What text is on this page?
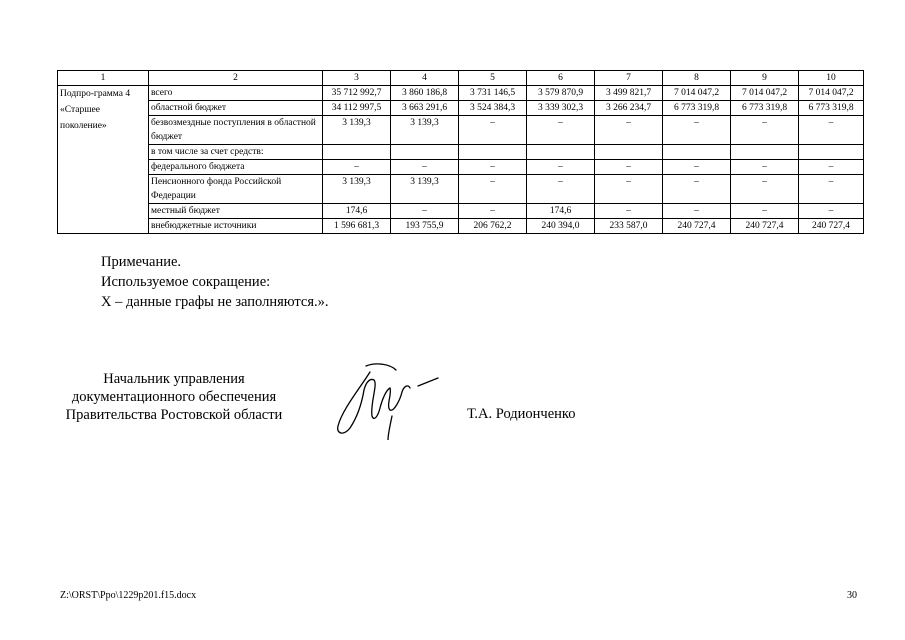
1	2	3	4	5	6	7	8	9	10
Подпро-грамма 4 «Старшее поколение»	всего	35 712 992,7	3 860 186,8	3 731 146,5	3 579 870,9	3 499 821,7	7 014 047,2	7 014 047,2	7 014 047,2
	областной бюджет	34 112 997,5	3 663 291,6	3 524 384,3	3 339 302,3	3 266 234,7	6 773 319,8	6 773 319,8	6 773 319,8
	безвозмездные поступления в областной бюджет	3 139,3	3 139,3	–	–	–	–	–	–
	в том числе за счет средств:								
	федерального бюджета	–	–	–	–	–	–	–	–
	Пенсионного фонда Российской Федерации	3 139,3	3 139,3	–	–	–	–	–	–
	местный бюджет	174,6	–	–	174,6	–	–	–	–
	внебюджетные источники	1 596 681,3	193 755,9	206 762,2	240 394,0	233 587,0	240 727,4	240 727,4	240 727,4
Примечание.
Используемое сокращение:
Х – данные графы не заполняются.».
Начальник управления
документационного обеспечения
Правительства Ростовской области	Т.А. Родионченко
Z:\ORST\Ppo\1229p201.f15.docx	30
